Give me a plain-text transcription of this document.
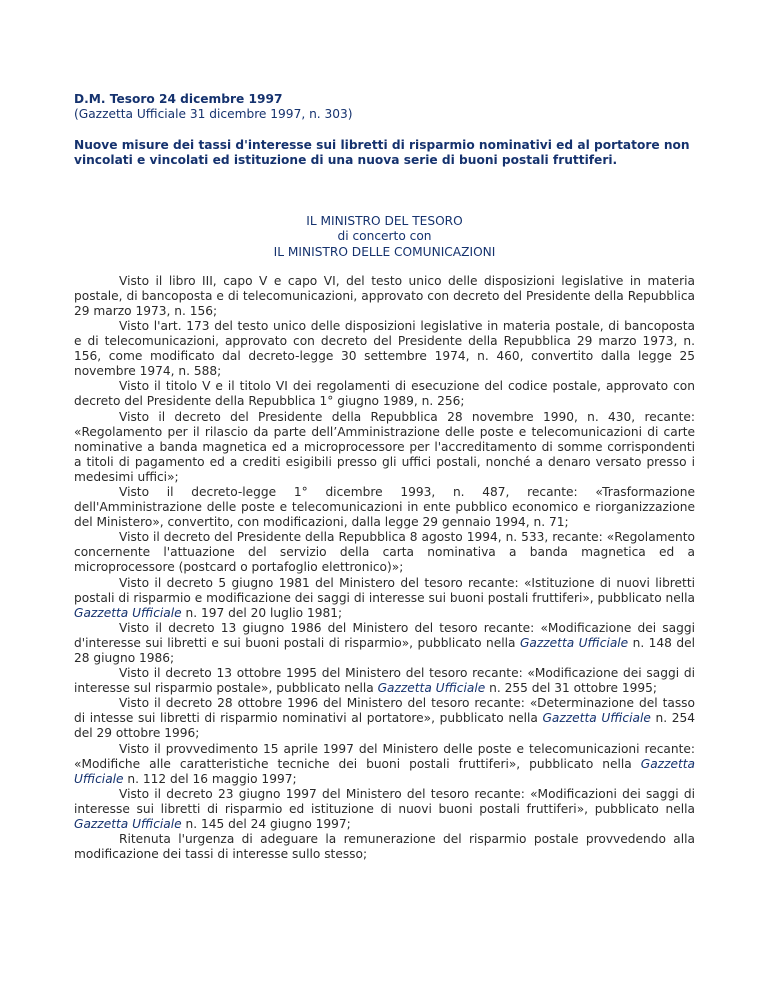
D.M. Tesoro 24 dicembre 1997
(Gazzetta Ufficiale 31 dicembre 1997, n. 303)
Nuove misure dei tassi d'interesse sui libretti di risparmio nominativi ed al portatore non vincolati e vincolati ed istituzione di una nuova serie di buoni postali fruttiferi.
IL MINISTRO DEL TESORO
di concerto con
IL MINISTRO DELLE COMUNICAZIONI

Visto il libro III, capo V e capo VI, del testo unico delle disposizioni legislative in materia postale, di bancoposta e di telecomunicazioni, approvato con decreto del Presidente della Repubblica 29 marzo 1973, n. 156;

Visto l'art. 173 del testo unico delle disposizioni legislative in materia postale, di bancoposta e di telecomunicazioni, approvato con decreto del Presidente della Repubblica 29 marzo 1973, n. 156, come modificato dal decreto-legge 30 settembre 1974, n. 460, convertito dalla legge 25 novembre 1974, n. 588;

Visto il titolo V e il titolo VI dei regolamenti di esecuzione del codice postale, approvato con decreto del Presidente della Repubblica 1° giugno 1989, n. 256;

Visto il decreto del Presidente della Repubblica 28 novembre 1990, n. 430, recante: «Regolamento per il rilascio da parte dell’Amministrazione delle poste e telecomunicazioni di carte nominative a banda magnetica ed a microprocessore per l'accreditamento di somme corrispondenti a titoli di pagamento ed a crediti esigibili presso gli uffici postali, nonché a denaro versato presso i medesimi uffici»;

Visto il decreto-legge 1° dicembre 1993, n. 487, recante: «Trasformazione dell'Amministrazione delle poste e telecomunicazioni in ente pubblico economico e riorganizzazione del Ministero», convertito, con modificazioni, dalla legge 29 gennaio 1994, n. 71;

Visto il decreto del Presidente della Repubblica 8 agosto 1994, n. 533, recante: «Regolamento concernente l'attuazione del servizio della carta nominativa a banda magnetica ed a microprocessore (postcard o portafoglio elettronico)»;

Visto il decreto 5 giugno 1981 del Ministero del tesoro recante: «Istituzione di nuovi libretti postali di risparmio e modificazione dei saggi di interesse sui buoni postali fruttiferi», pubblicato nella Gazzetta Ufficiale n. 197 del 20 luglio 1981;

Visto il decreto 13 giugno 1986 del Ministero del tesoro recante: «Modificazione dei saggi d'interesse sui libretti e sui buoni postali di risparmio», pubblicato nella Gazzetta Ufficiale n. 148 del 28 giugno 1986;

Visto il decreto 13 ottobre 1995 del Ministero del tesoro recante: «Modificazione dei saggi di interesse sul risparmio postale», pubblicato nella Gazzetta Ufficiale n. 255 del 31 ottobre 1995;

Visto il decreto 28 ottobre 1996 del Ministero del tesoro recante: «Determinazione del tasso di intesse sui libretti di risparmio nominativi al portatore», pubblicato nella Gazzetta Ufficiale n. 254 del 29 ottobre 1996;

Visto il provvedimento 15 aprile 1997 del Ministero delle poste e telecomunicazioni recante: «Modifiche alle caratteristiche tecniche dei buoni postali fruttiferi», pubblicato nella Gazzetta Ufficiale n. 112 del 16 maggio 1997;

Visto il decreto 23 giugno 1997 del Ministero del tesoro recante: «Modificazioni dei saggi di interesse sui libretti di risparmio ed istituzione di nuovi buoni postali fruttiferi», pubblicato nella Gazzetta Ufficiale n. 145 del 24 giugno 1997;

Ritenuta l'urgenza di adeguare la remunerazione del risparmio postale provvedendo alla modificazione dei tassi di interesse sullo stesso;
